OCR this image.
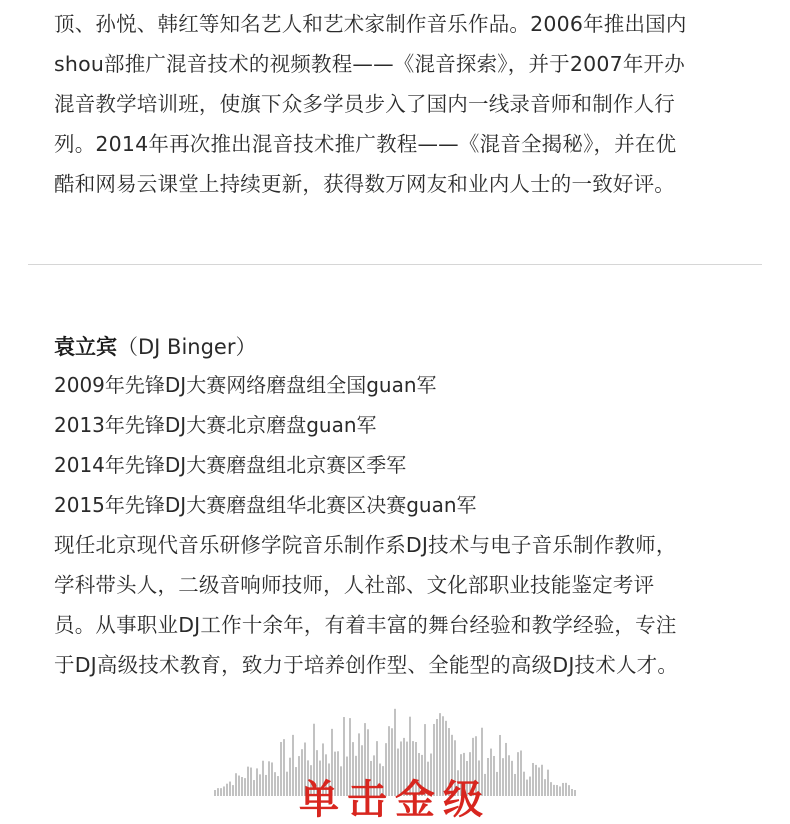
顶、孙悦、韩红等知名艺人和艺术家制作音乐作品。2006年推出国内
shou部推广混音技术的视频教程——《混音探索》，并于2007年开办
混音教学培训班，使旗下众多学员步入了国内一线录音师和制作人行
列。2014年再次推出混音技术推广教程——《混音全揭秘》，并在优
酷和网易云课堂上持续更新，获得数万网友和业内人士的一致好评。
袁立宾（DJ Binger）
2009年先锋DJ大赛网络磨盘组全国guan军
2013年先锋DJ大赛北京磨盘guan军
2014年先锋DJ大赛磨盘组北京赛区季军
2015年先锋DJ大赛磨盘组华北赛区决赛guan军
现任北京现代音乐研修学院音乐制作系DJ技术与电子音乐制作教师，
学科带头人，二级音响师技师，人社部、文化部职业技能鉴定考评
员。从事职业DJ工作十余年，有着丰富的舞台经验和教学经验，专注
于DJ高级技术教育，致力于培养创作型、全能型的高级DJ技术人才。
单击金级
